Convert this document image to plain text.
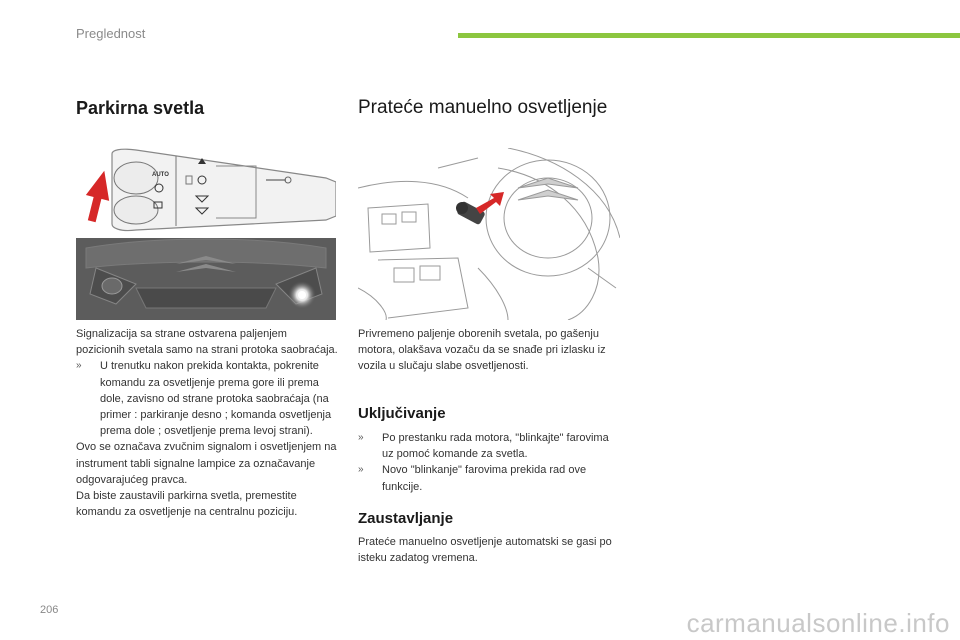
Preglednost
Parkirna svetla
AUTO
Signalizacija sa strane ostvarena paljenjem pozicionih svetala samo na strani protoka saobraćaja.
» U trenutku nakon prekida kontakta, pokrenite komandu za osvetljenje prema gore ili prema dole, zavisno od strane protoka saobraćaja (na primer : parkiranje desno ; komanda osvetljenja prema dole ; osvetljenje prema levoj strani).
Ovo se označava zvučnim signalom i osvetljenjem na instrument tabli signalne lampice za označavanje odgovarajućeg pravca.
Da biste zaustavili parkirna svetla, premestite komandu za osvetljenje na centralnu poziciju.
Prateće manuelno osvetljenje
Privremeno paljenje oborenih svetala, po gašenju motora, olakšava vozaču da se snađe pri izlasku iz vozila u slučaju slabe osvetljenosti.
Uključivanje
» Po prestanku rada motora, "blinkajte" farovima uz pomoć komande za svetla.
» Novo "blinkanje" farovima prekida rad ove funkcije.
Zaustavljanje
Prateće manuelno osvetljenje automatski se gasi po isteku zadatog vremena.
206	carmanualsonline.info
